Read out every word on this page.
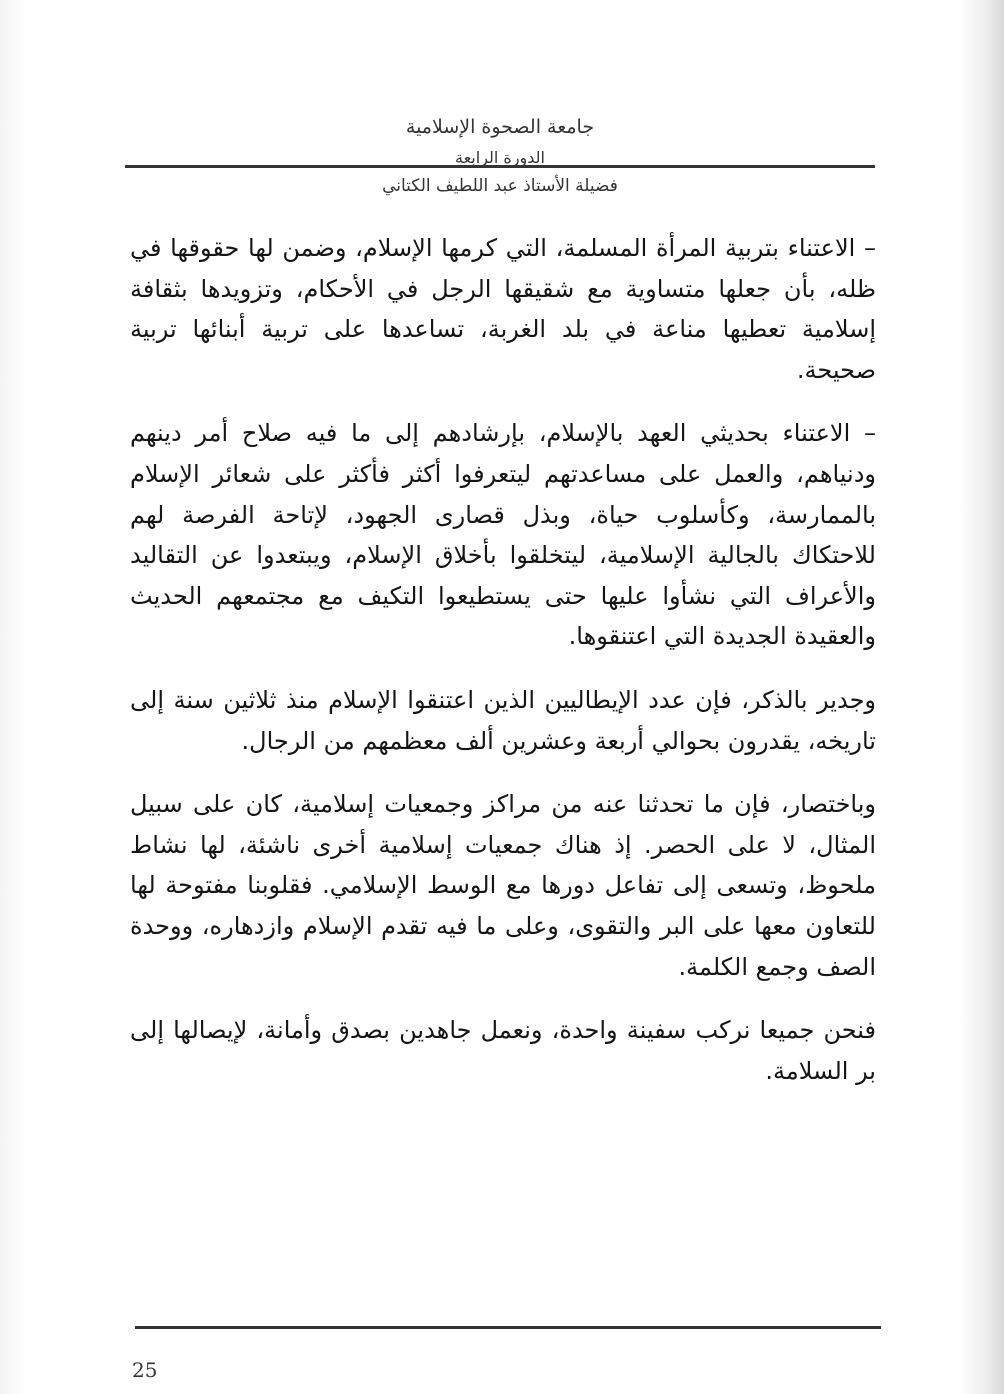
جامعة الصحوة الإسلامية
الدورة الرابعة
فضيلة الأستاذ عبد اللطيف الكتاني

– الاعتناء بتربية المرأة المسلمة، التي كرمها الإسلام، وضمن لها حقوقها في ظله، بأن جعلها متساوية مع شقيقها الرجل في الأحكام، وتزويدها بثقافة إسلامية تعطيها مناعة في بلد الغربة، تساعدها على تربية أبنائها تربية صحيحة.

– الاعتناء بحديثي العهد بالإسلام، بإرشادهم إلى ما فيه صلاح أمر دينهم ودنياهم، والعمل على مساعدتهم ليتعرفوا أكثر فأكثر على شعائر الإسلام بالممارسة، وكأسلوب حياة، وبذل قصارى الجهود، لإتاحة الفرصة لهم للاحتكاك بالجالية الإسلامية، ليتخلقوا بأخلاق الإسلام، ويبتعدوا عن التقاليد والأعراف التي نشأوا عليها حتى يستطيعوا التكيف مع مجتمعهم الحديث والعقيدة الجديدة التي اعتنقوها.

وجدير بالذكر، فإن عدد الإيطاليين الذين اعتنقوا الإسلام منذ ثلاثين سنة إلى تاريخه، يقدرون بحوالي أربعة وعشرين ألف معظمهم من الرجال.

وباختصار، فإن ما تحدثنا عنه من مراكز وجمعيات إسلامية، كان على سبيل المثال، لا على الحصر. إذ هناك جمعيات إسلامية أخرى ناشئة، لها نشاط ملحوظ، وتسعى إلى تفاعل دورها مع الوسط الإسلامي. فقلوبنا مفتوحة لها للتعاون معها على البر والتقوى، وعلى ما فيه تقدم الإسلام وازدهاره، ووحدة الصف وجمع الكلمة.

فنحن جميعا نركب سفينة واحدة، ونعمل جاهدين بصدق وأمانة، لإيصالها إلى بر السلامة.

25
